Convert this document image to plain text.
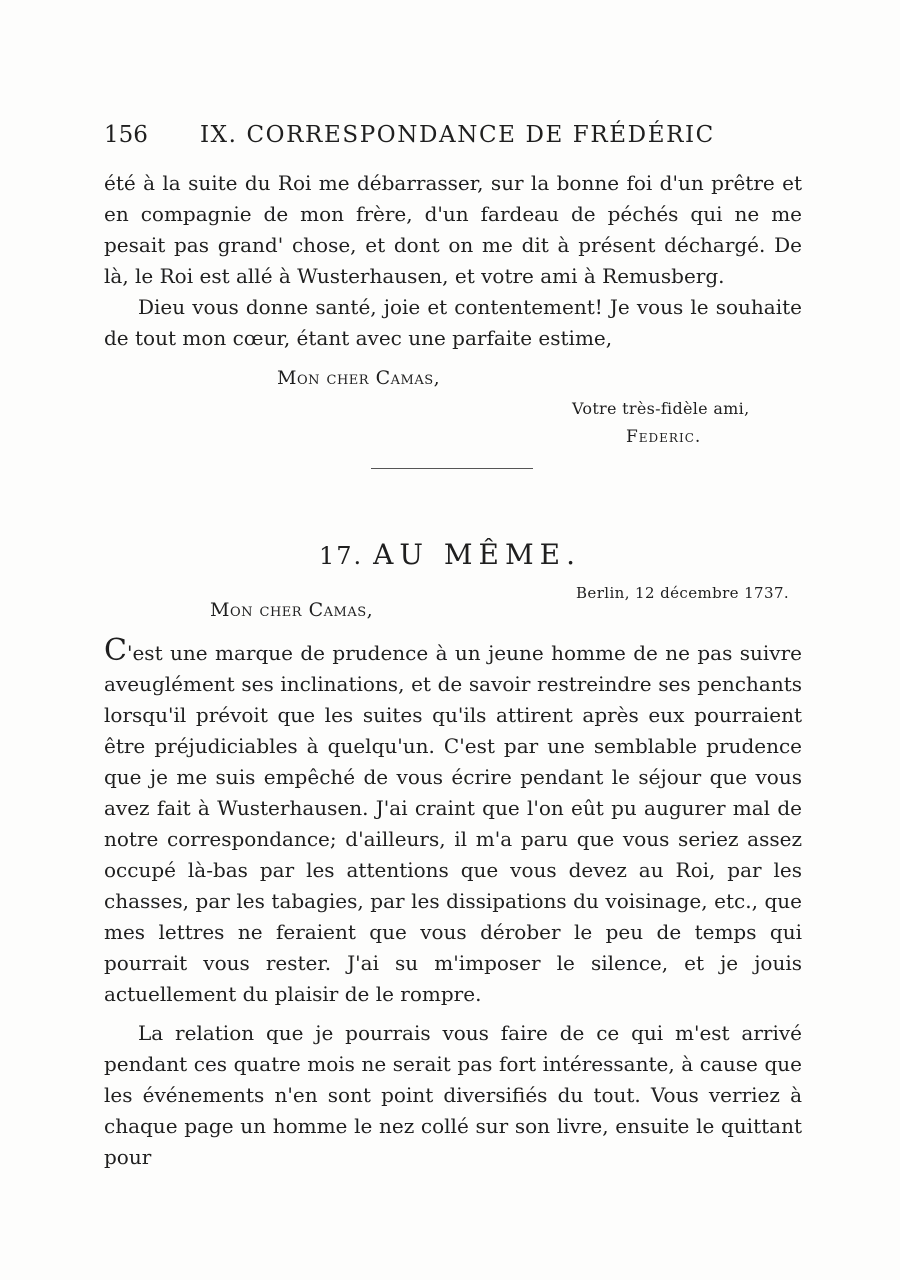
156 IX. CORRESPONDANCE DE FRÉDÉRIC

été à la suite du Roi me débarrasser, sur la bonne foi d'un prêtre et en compagnie de mon frère, d'un fardeau de péchés qui ne me pesait pas grand' chose, et dont on me dit à présent déchargé. De là, le Roi est allé à Wusterhausen, et votre ami à Remusberg.

Dieu vous donne santé, joie et contentement! Je vous le souhaite de tout mon cœur, étant avec une parfaite estime,

Mon cher Camas,
Votre très-fidèle ami,
Federic.
17. AU MÊME.
Berlin, 12 décembre 1737.
Mon cher Camas,

C'est une marque de prudence à un jeune homme de ne pas suivre aveuglément ses inclinations, et de savoir restreindre ses penchants lorsqu'il prévoit que les suites qu'ils attirent après eux pourraient être préjudiciables à quelqu'un. C'est par une semblable prudence que je me suis empêché de vous écrire pendant le séjour que vous avez fait à Wusterhausen. J'ai craint que l'on eût pu augurer mal de notre correspondance; d'ailleurs, il m'a paru que vous seriez assez occupé là-bas par les attentions que vous devez au Roi, par les chasses, par les tabagies, par les dissipations du voisinage, etc., que mes lettres ne feraient que vous dérober le peu de temps qui pourrait vous rester. J'ai su m'imposer le silence, et je jouis actuellement du plaisir de le rompre.

La relation que je pourrais vous faire de ce qui m'est arrivé pendant ces quatre mois ne serait pas fort intéressante, à cause que les événements n'en sont point diversifiés du tout. Vous verriez à chaque page un homme le nez collé sur son livre, ensuite le quittant pour
